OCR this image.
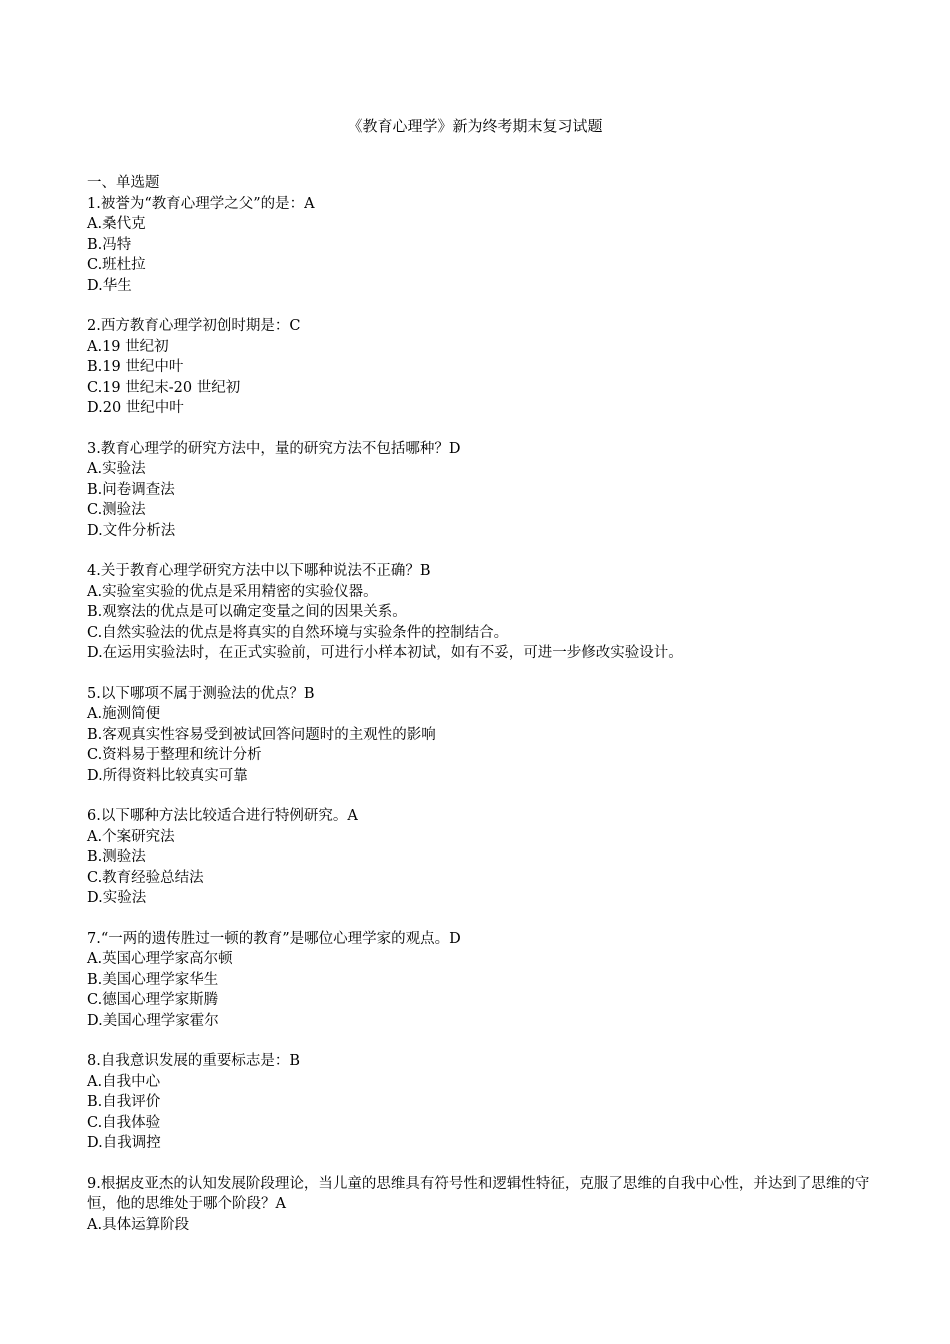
《教育心理学》新为终考期末复习试题
一、单选题
1.被誉为“教育心理学之父”的是：A
A.桑代克
B.冯特
C.班杜拉
D.华生
2.西方教育心理学初创时期是：C
A.19 世纪初
B.19 世纪中叶
C.19 世纪末-20 世纪初
D.20 世纪中叶
3.教育心理学的研究方法中，量的研究方法不包括哪种？D
A.实验法
B.问卷调查法
C.测验法
D.文件分析法
4.关于教育心理学研究方法中以下哪种说法不正确？B
A.实验室实验的优点是采用精密的实验仪器。
B.观察法的优点是可以确定变量之间的因果关系。
C.自然实验法的优点是将真实的自然环境与实验条件的控制结合。
D.在运用实验法时，在正式实验前，可进行小样本初试，如有不妥，可进一步修改实验设计。
5.以下哪项不属于测验法的优点？B
A.施测简便
B.客观真实性容易受到被试回答问题时的主观性的影响
C.资料易于整理和统计分析
D.所得资料比较真实可靠
6.以下哪种方法比较适合进行特例研究。A
A.个案研究法
B.测验法
C.教育经验总结法
D.实验法
7.“一两的遗传胜过一顿的教育”是哪位心理学家的观点。D
A.英国心理学家高尔顿
B.美国心理学家华生
C.德国心理学家斯腾
D.美国心理学家霍尔
8.自我意识发展的重要标志是：B
A.自我中心
B.自我评价
C.自我体验
D.自我调控
9.根据皮亚杰的认知发展阶段理论，当儿童的思维具有符号性和逻辑性特征，克服了思维的自我中心性，并达到了思维的守恒，他的思维处于哪个阶段？A
A.具体运算阶段
